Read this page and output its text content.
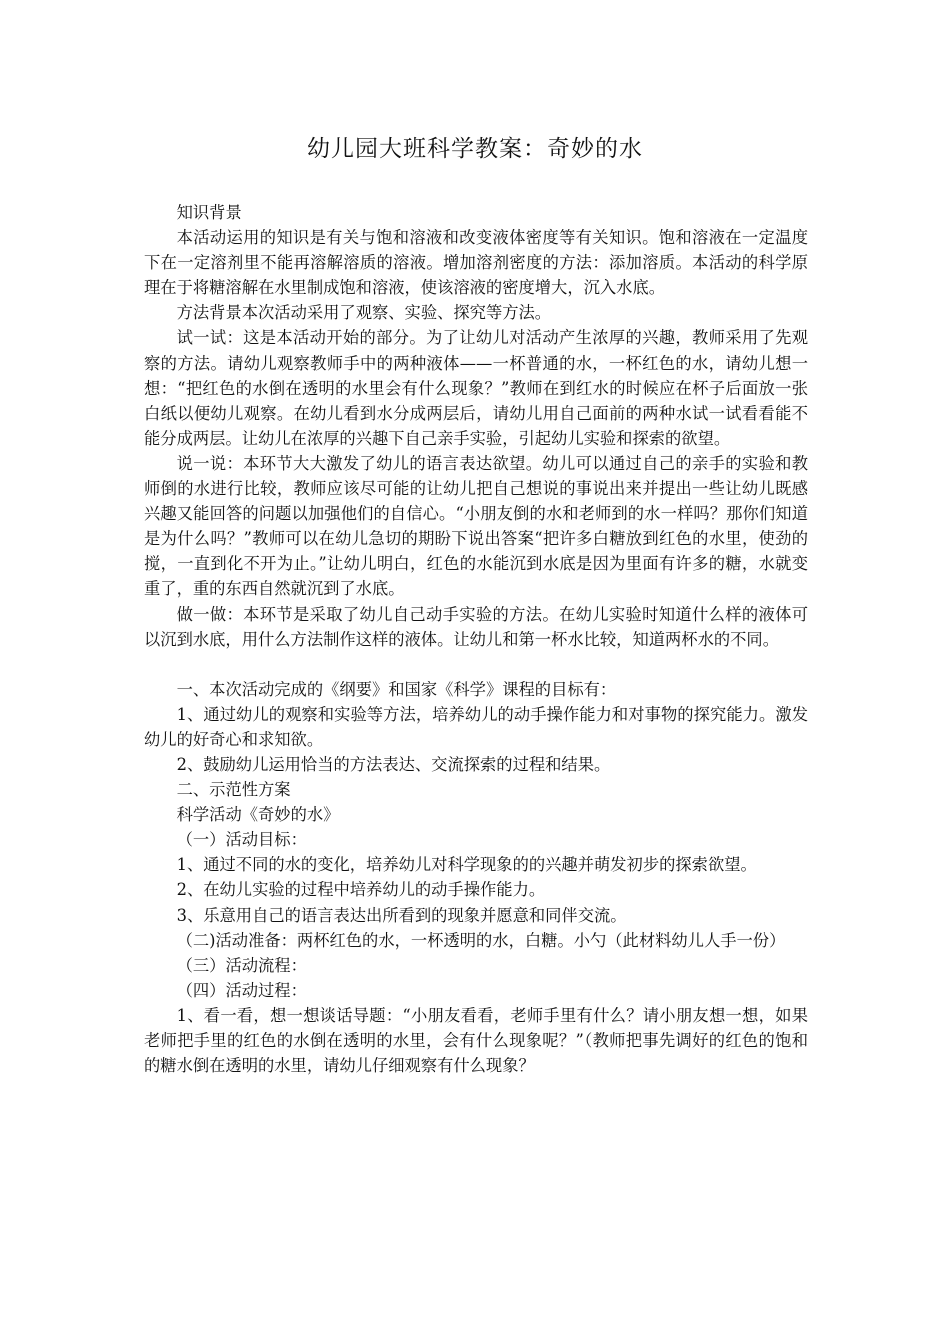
幼儿园大班科学教案：奇妙的水

知识背景

本活动运用的知识是有关与饱和溶液和改变液体密度等有关知识。饱和溶液在一定温度下在一定溶剂里不能再溶解溶质的溶液。增加溶剂密度的方法：添加溶质。本活动的科学原理在于将糖溶解在水里制成饱和溶液，使该溶液的密度增大，沉入水底。

方法背景本次活动采用了观察、实验、探究等方法。

试一试：这是本活动开始的部分。为了让幼儿对活动产生浓厚的兴趣，教师采用了先观察的方法。请幼儿观察教师手中的两种液体——一杯普通的水，一杯红色的水，请幼儿想一想：“把红色的水倒在透明的水里会有什么现象？”教师在到红水的时候应在杯子后面放一张白纸以便幼儿观察。在幼儿看到水分成两层后，请幼儿用自己面前的两种水试一试看看能不能分成两层。让幼儿在浓厚的兴趣下自己亲手实验，引起幼儿实验和探索的欲望。

说一说：本环节大大激发了幼儿的语言表达欲望。幼儿可以通过自己的亲手的实验和教师倒的水进行比较，教师应该尽可能的让幼儿把自己想说的事说出来并提出一些让幼儿既感兴趣又能回答的问题以加强他们的自信心。“小朋友倒的水和老师到的水一样吗？那你们知道是为什么吗？”教师可以在幼儿急切的期盼下说出答案“把许多白糖放到红色的水里，使劲的搅，一直到化不开为止。”让幼儿明白，红色的水能沉到水底是因为里面有许多的糖，水就变重了，重的东西自然就沉到了水底。

做一做：本环节是采取了幼儿自己动手实验的方法。在幼儿实验时知道什么样的液体可以沉到水底，用什么方法制作这样的液体。让幼儿和第一杯水比较，知道两杯水的不同。

一、本次活动完成的《纲要》和国家《科学》课程的目标有：

1、通过幼儿的观察和实验等方法，培养幼儿的动手操作能力和对事物的探究能力。激发幼儿的好奇心和求知欲。

2、鼓励幼儿运用恰当的方法表达、交流探索的过程和结果。

二、示范性方案

科学活动《奇妙的水》

（一）活动目标：

1、通过不同的水的变化，培养幼儿对科学现象的的兴趣并萌发初步的探索欲望。

2、在幼儿实验的过程中培养幼儿的动手操作能力。

3、乐意用自己的语言表达出所看到的现象并愿意和同伴交流。

（二)活动准备：两杯红色的水，一杯透明的水，白糖。小勺（此材料幼儿人手一份）

（三）活动流程：

（四）活动过程：

1、看一看，想一想谈话导题：“小朋友看看，老师手里有什么？请小朋友想一想，如果老师把手里的红色的水倒在透明的水里，会有什么现象呢？”（教师把事先调好的红色的饱和的糖水倒在透明的水里，请幼儿仔细观察有什么现象？
